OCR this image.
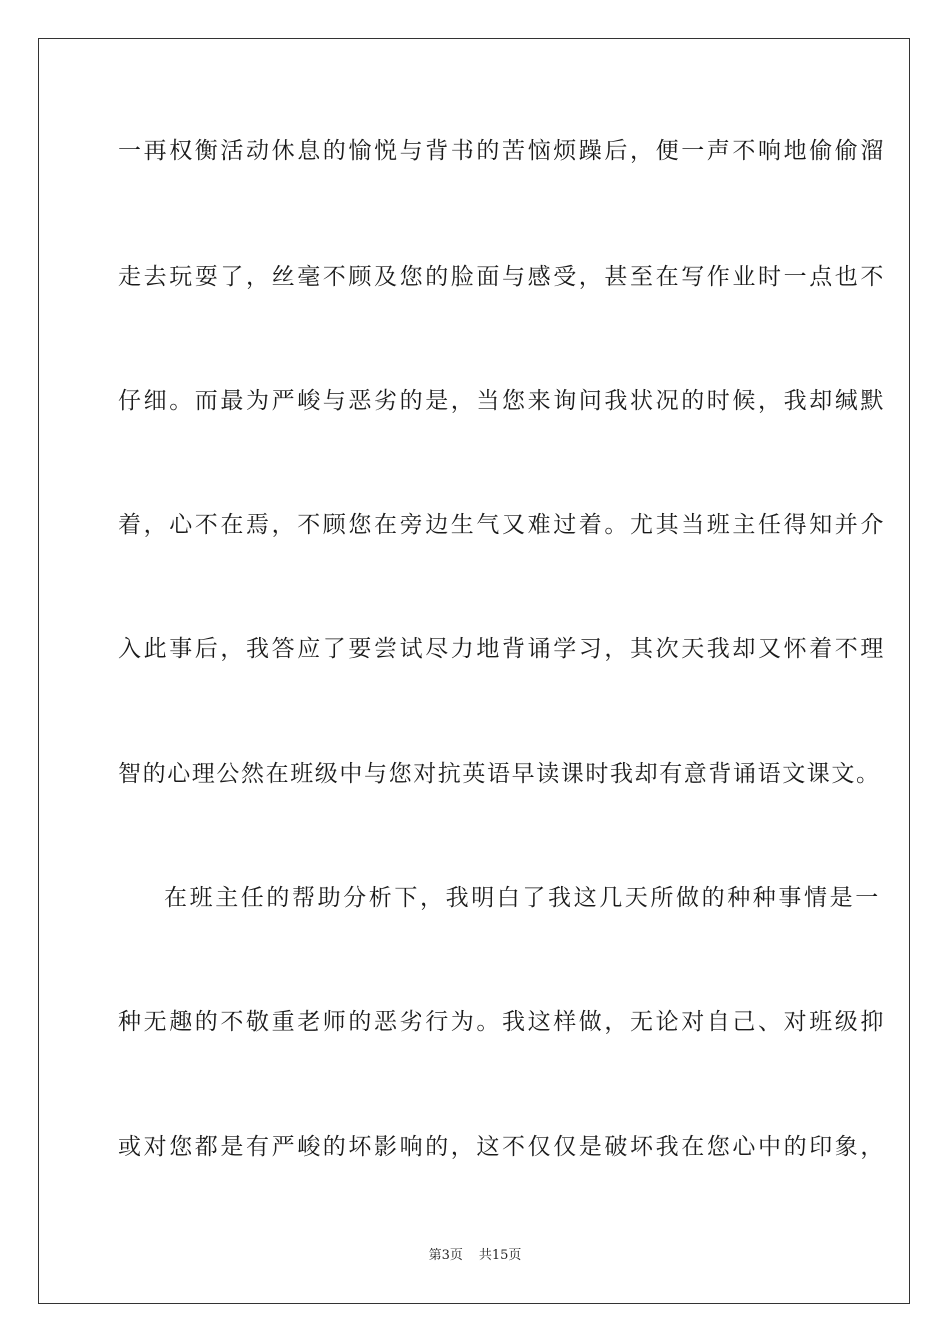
一再权衡活动休息的愉悦与背书的苦恼烦躁后，便一声不响地偷偷溜
走去玩耍了，丝毫不顾及您的脸面与感受，甚至在写作业时一点也不
仔细。而最为严峻与恶劣的是，当您来询问我状况的时候，我却缄默
着，心不在焉，不顾您在旁边生气又难过着。尤其当班主任得知并介
入此事后，我答应了要尝试尽力地背诵学习，其次天我却又怀着不理
智的心理公然在班级中与您对抗英语早读课时我却有意背诵语文课文。
在班主任的帮助分析下，我明白了我这几天所做的种种事情是一
种无趣的不敬重老师的恶劣行为。我这样做，无论对自己、对班级抑
或对您都是有严峻的坏影响的，这不仅仅是破坏我在您心中的印象，
第3页 共15页
